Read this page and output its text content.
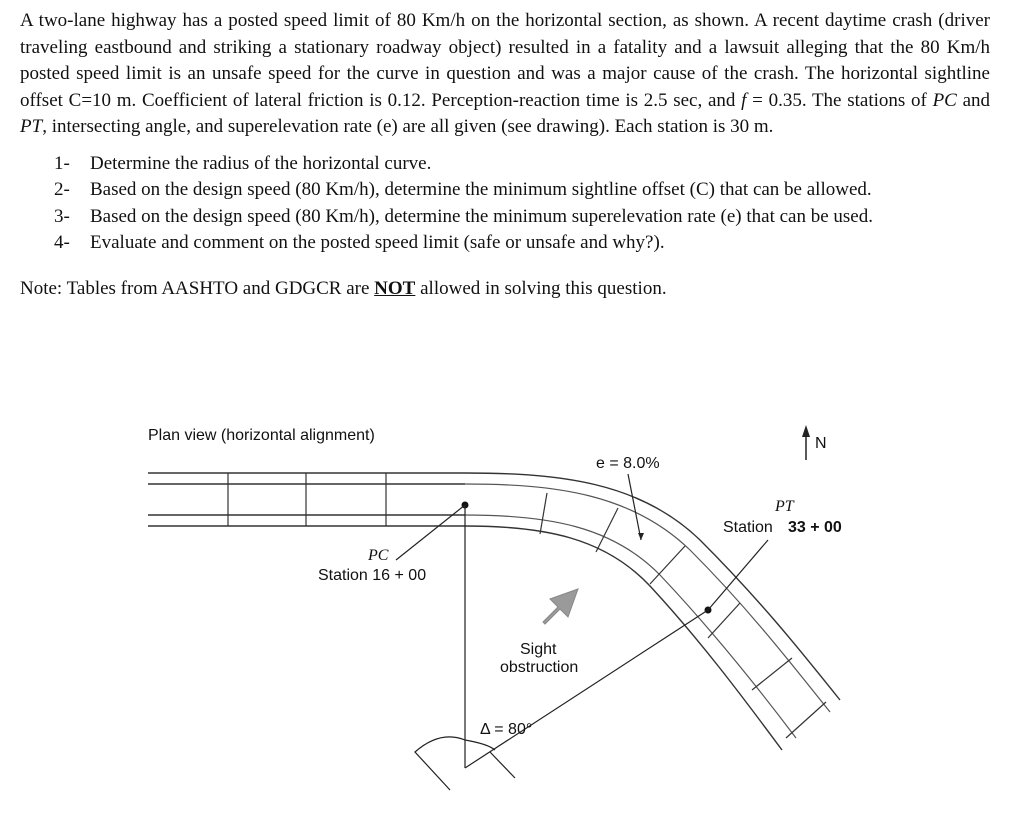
A two-lane highway has a posted speed limit of 80 Km/h on the horizontal section, as shown. A recent daytime crash (driver traveling eastbound and striking a stationary roadway object) resulted in a fatality and a lawsuit alleging that the 80 Km/h posted speed limit is an unsafe speed for the curve in question and was a major cause of the crash. The horizontal sightline offset C=10 m. Coefficient of lateral friction is 0.12. Perception-reaction time is 2.5 sec, and f = 0.35. The stations of PC and PT, intersecting angle, and superelevation rate (e) are all given (see drawing). Each station is 30 m.
1-	Determine the radius of the horizontal curve.
2-	Based on the design speed (80 Km/h), determine the minimum sightline offset (C) that can be allowed.
3-	Based on the design speed (80 Km/h), determine the minimum superelevation rate (e) that can be used.
4-	Evaluate and comment on the posted speed limit (safe or unsafe and why?).
Note: Tables from AASHTO and GDGCR are NOT allowed in solving this question.
Plan view (horizontal alignment)
e = 8.0%
N
PT
Station 33 + 00
PC
Station 16 + 00
Sight
obstruction
Δ = 80°
